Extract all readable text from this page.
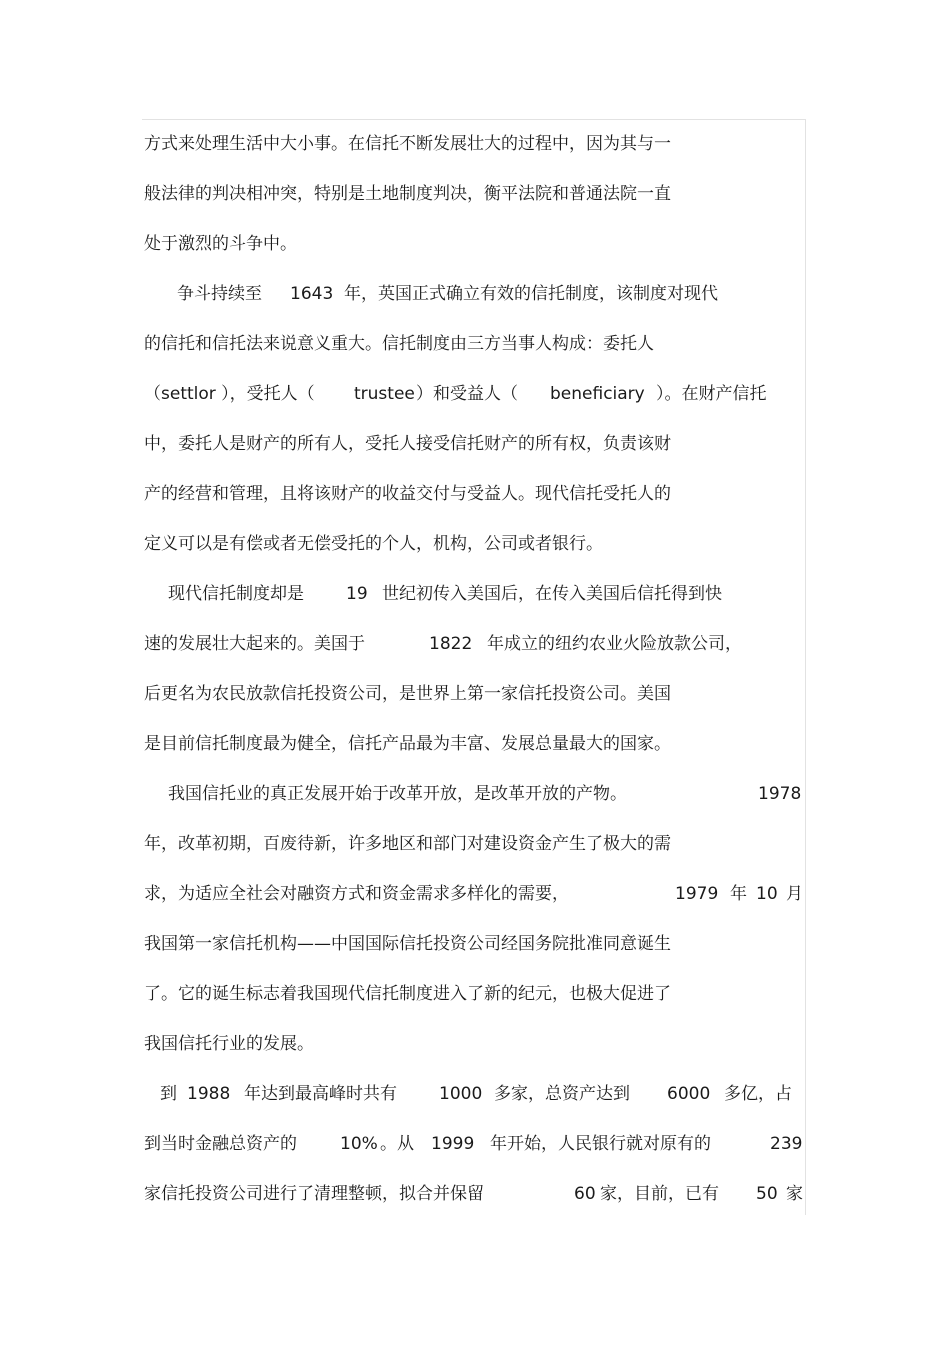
方式来处理生活中大小事。在信托不断发展壮大的过程中，因为其与一
般法律的判决相冲突，特别是土地制度判决，衡平法院和普通法院一直
处于激烈的斗争中。

　争斗持续至

1643

年，英国正式确立有效的信托制度，该制度对现代

的信托和信托法来说意义重大。信托制度由三方当事人构成：委托人

（settlor ），受托人（

trustee

）和受益人（

beneficiary

）。在财产信托

中，委托人是财产的所有人，受托人接受信托财产的所有权，负责该财
产的经营和管理，且将该财产的收益交付与受益人。现代信托受托人的
定义可以是有偿或者无偿受托的个人，机构，公司或者银行。

现代信托制度却是

19

世纪初传入美国后，在传入美国后信托得到快

速的发展壮大起来的。美国于

	1822

年成立的纽约农业火险放款公司，

后更名为农民放款信托投资公司，是世界上第一家信托投资公司。美国
是目前信托制度最为健全，信托产品最为丰富、发展总量最大的国家。

我国信托业的真正发展开始于改革开放，是改革开放的产物。

	1978

年，改革初期，百废待新，许多地区和部门对建设资金产生了极大的需

求，为适应全社会对融资方式和资金需求多样化的需要，

	1979

年

10

月

我国第一家信托机构——中国国际信托投资公司经国务院批准同意诞生
了。它的诞生标志着我国现代信托制度进入了新的纪元，也极大促进了
我国信托行业的发展。

到

1988

年达到最高峰时共有

1000

多家，总资产达到

6000

多亿，占

到当时金融总资产的

	10%

。从

1999

年开始，人民银行就对原有的

	239

家信托投资公司进行了清理整顿，拟合并保留

	60

家，目前，已有

50

家
